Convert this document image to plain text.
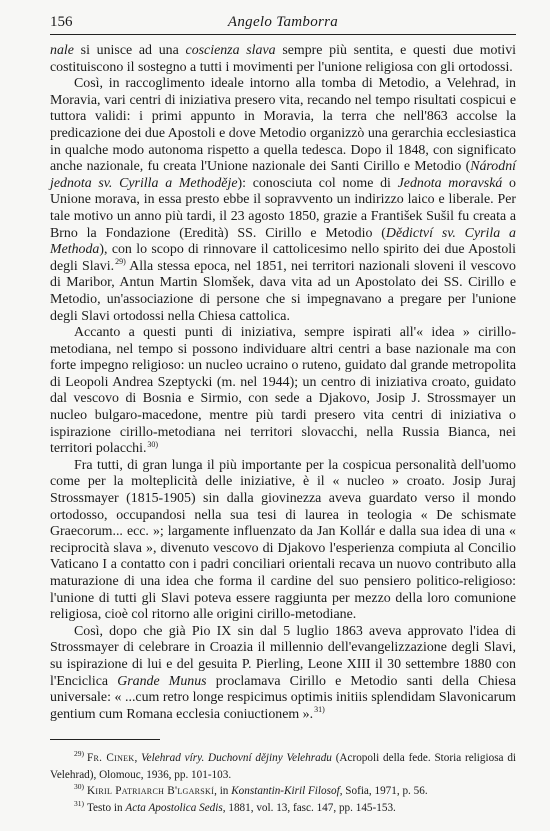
156	Angelo Tamborra

nale si unisce ad una coscienza slava sempre più sentita, e questi due motivi costituiscono il sostegno a tutti i movimenti per l'unione religiosa con gli ortodossi.

Così, in raccoglimento ideale intorno alla tomba di Metodio, a Velehrad, in Moravia, vari centri di iniziativa presero vita, recando nel tempo risultati cospicui e tuttora validi: i primi appunto in Moravia, la terra che nell'863 accolse la predicazione dei due Apostoli e dove Metodio organizzò una gerarchia ecclesiastica in qualche modo autonoma rispetto a quella tedesca. Dopo il 1848, con significato anche nazionale, fu creata l'Unione nazionale dei Santi Cirillo e Metodio (Národní jednota sv. Cyrilla a Methoděje): conosciuta col nome di Jednota moravská o Unione morava, in essa presto ebbe il sopravvento un indirizzo laico e liberale. Per tale motivo un anno più tardi, il 23 agosto 1850, grazie a František Sušil fu creata a Brno la Fondazione (Eredità) SS. Cirillo e Metodio (Dědictví sv. Cyrila a Methoda), con lo scopo di rinnovare il cattolicesimo nello spirito dei due Apostoli degli Slavi.$^{29)}$ Alla stessa epoca, nel 1851, nei territori nazionali sloveni il vescovo di Maribor, Antun Martin Slomšek, dava vita ad un Apostolato dei SS. Cirillo e Metodio, un'associazione di persone che si impegnavano a pregare per l'unione degli Slavi ortodossi nella Chiesa cattolica.

Accanto a questi punti di iniziativa, sempre ispirati all'« idea » cirillo-metodiana, nel tempo si possono individuare altri centri a base nazionale ma con forte impegno religioso: un nucleo ucraino o ruteno, guidato dal grande metropolita di Leopoli Andrea Szeptycki (m. nel 1944); un centro di iniziativa croato, guidato dal vescovo di Bosnia e Sirmio, con sede a Djakovo, Josip J. Strossmayer un nucleo bulgaro-macedone, mentre più tardi presero vita centri di iniziativa o ispirazione cirillo-metodiana nei territori slovacchi, nella Russia Bianca, nei territori polacchi.$^{30)}$

Fra tutti, di gran lunga il più importante per la cospicua personalità dell'uomo come per la molteplicità delle iniziative, è il « nucleo » croato. Josip Juraj Strossmayer (1815-1905) sin dalla giovinezza aveva guardato verso il mondo ortodosso, occupandosi nella sua tesi di laurea in teologia « De schismate Graecorum... ecc. »; largamente influenzato da Jan Kollár e dalla sua idea di una « reciprocità slava », divenuto vescovo di Djakovo l'esperienza compiuta al Concilio Vaticano I a contatto con i padri conciliari orientali recava un nuovo contributo alla maturazione di una idea che forma il cardine del suo pensiero politico-religioso: l'unione di tutti gli Slavi poteva essere raggiunta per mezzo della loro comunione religiosa, cioè col ritorno alle origini cirillo-metodiane.

Così, dopo che già Pio IX sin dal 5 luglio 1863 aveva approvato l'idea di Strossmayer di celebrare in Croazia il millennio dell'evangelizzazione degli Slavi, su ispirazione di lui e del gesuita P. Pierling, Leone XIII il 30 settembre 1880 con l'Enciclica Grande Munus proclamava Cirillo e Metodio santi della Chiesa universale: « ...cum retro longe respicimus optimis initiis splendidam Slavonicarum gentium cum Romana ecclesia coniuctionem ».$^{31)}$

$^{29)}$ Fr. Cinek, Velehrad víry. Duchovní dějiny Velehradu (Acropoli della fede. Storia religiosa di Velehrad), Olomouc, 1936, pp. 101-103.

$^{30)}$ Kiril Patriarch B'lgarskí, in Konstantin-Kiril Filosof, Sofia, 1971, p. 56.

$^{31)}$ Testo in Acta Apostolica Sedis, 1881, vol. 13, fasc. 147, pp. 145-153.
